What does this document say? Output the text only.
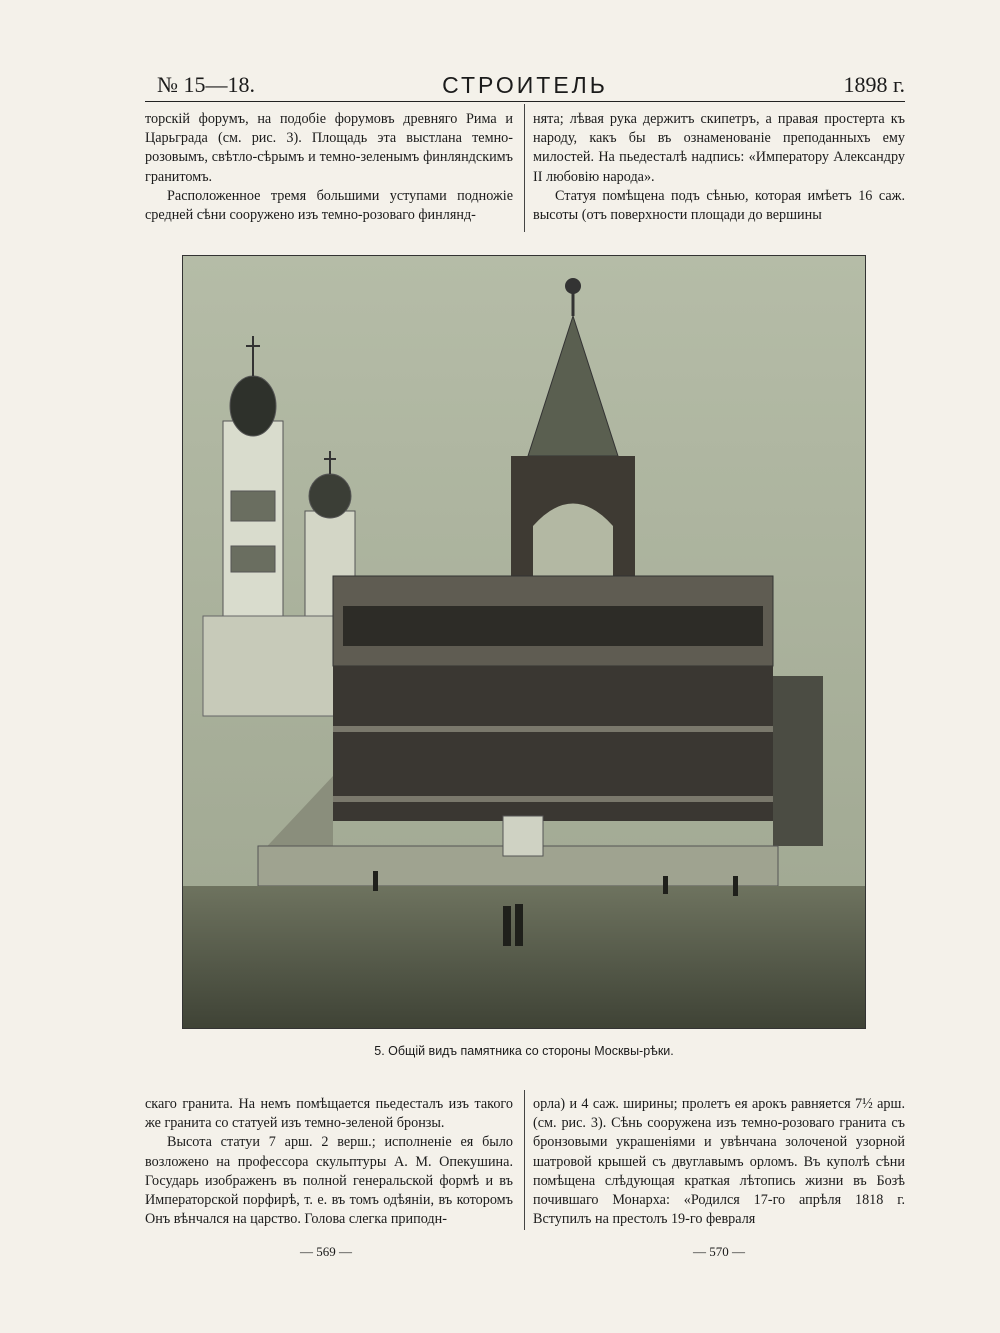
№ 15—18.	СТРОИТЕЛЬ	1898 г.

торскій форумъ, на подобіе форумовъ древняго Рима и Царьграда (см. рис. 3). Площадь эта выстлана темно-розовымъ, свѣтло-сѣрымъ и темно-зеленымъ финляндскимъ гранитомъ.

Расположенное тремя большими уступами подножіе средней сѣни сооружено изъ темно-розоваго финлянд-

нята; лѣвая рука держитъ скипетръ, а правая простерта къ народу, какъ бы въ ознаменованіе преподанныхъ ему милостей. На пьедесталѣ надпись: «Императору Александру II любовію народа».

Статуя помѣщена подъ сѣнью, которая имѣетъ 16 саж. высоты (отъ поверхности площади до вершины

5. Общій видъ памятника со стороны Москвы-рѣки.

скаго гранита. На немъ помѣщается пьедесталъ изъ такого же гранита со статуей изъ темно-зеленой бронзы.

Высота статуи 7 арш. 2 верш.; исполненіе ея было возложено на профессора скульптуры А. М. Опекушина. Государь изображенъ въ полной генеральской формѣ и въ Императорской порфирѣ, т. е. въ томъ одѣяніи, въ которомъ Онъ вѣнчался на царство. Голова слегка приподн-

орла) и 4 саж. ширины; пролетъ ея арокъ равняется 7½ арш. (см. рис. 3). Сѣнь сооружена изъ темно-розоваго гранита съ бронзовыми украшеніями и увѣнчана золоченой узорной шатровой крышей съ двуглавымъ орломъ. Въ куполѣ сѣни помѣщена слѣдующая краткая лѣтопись жизни въ Бозѣ почившаго Монарха: «Родился 17-го апрѣля 1818 г. Вступилъ на престолъ 19-го февраля

— 569 —	— 570 —
